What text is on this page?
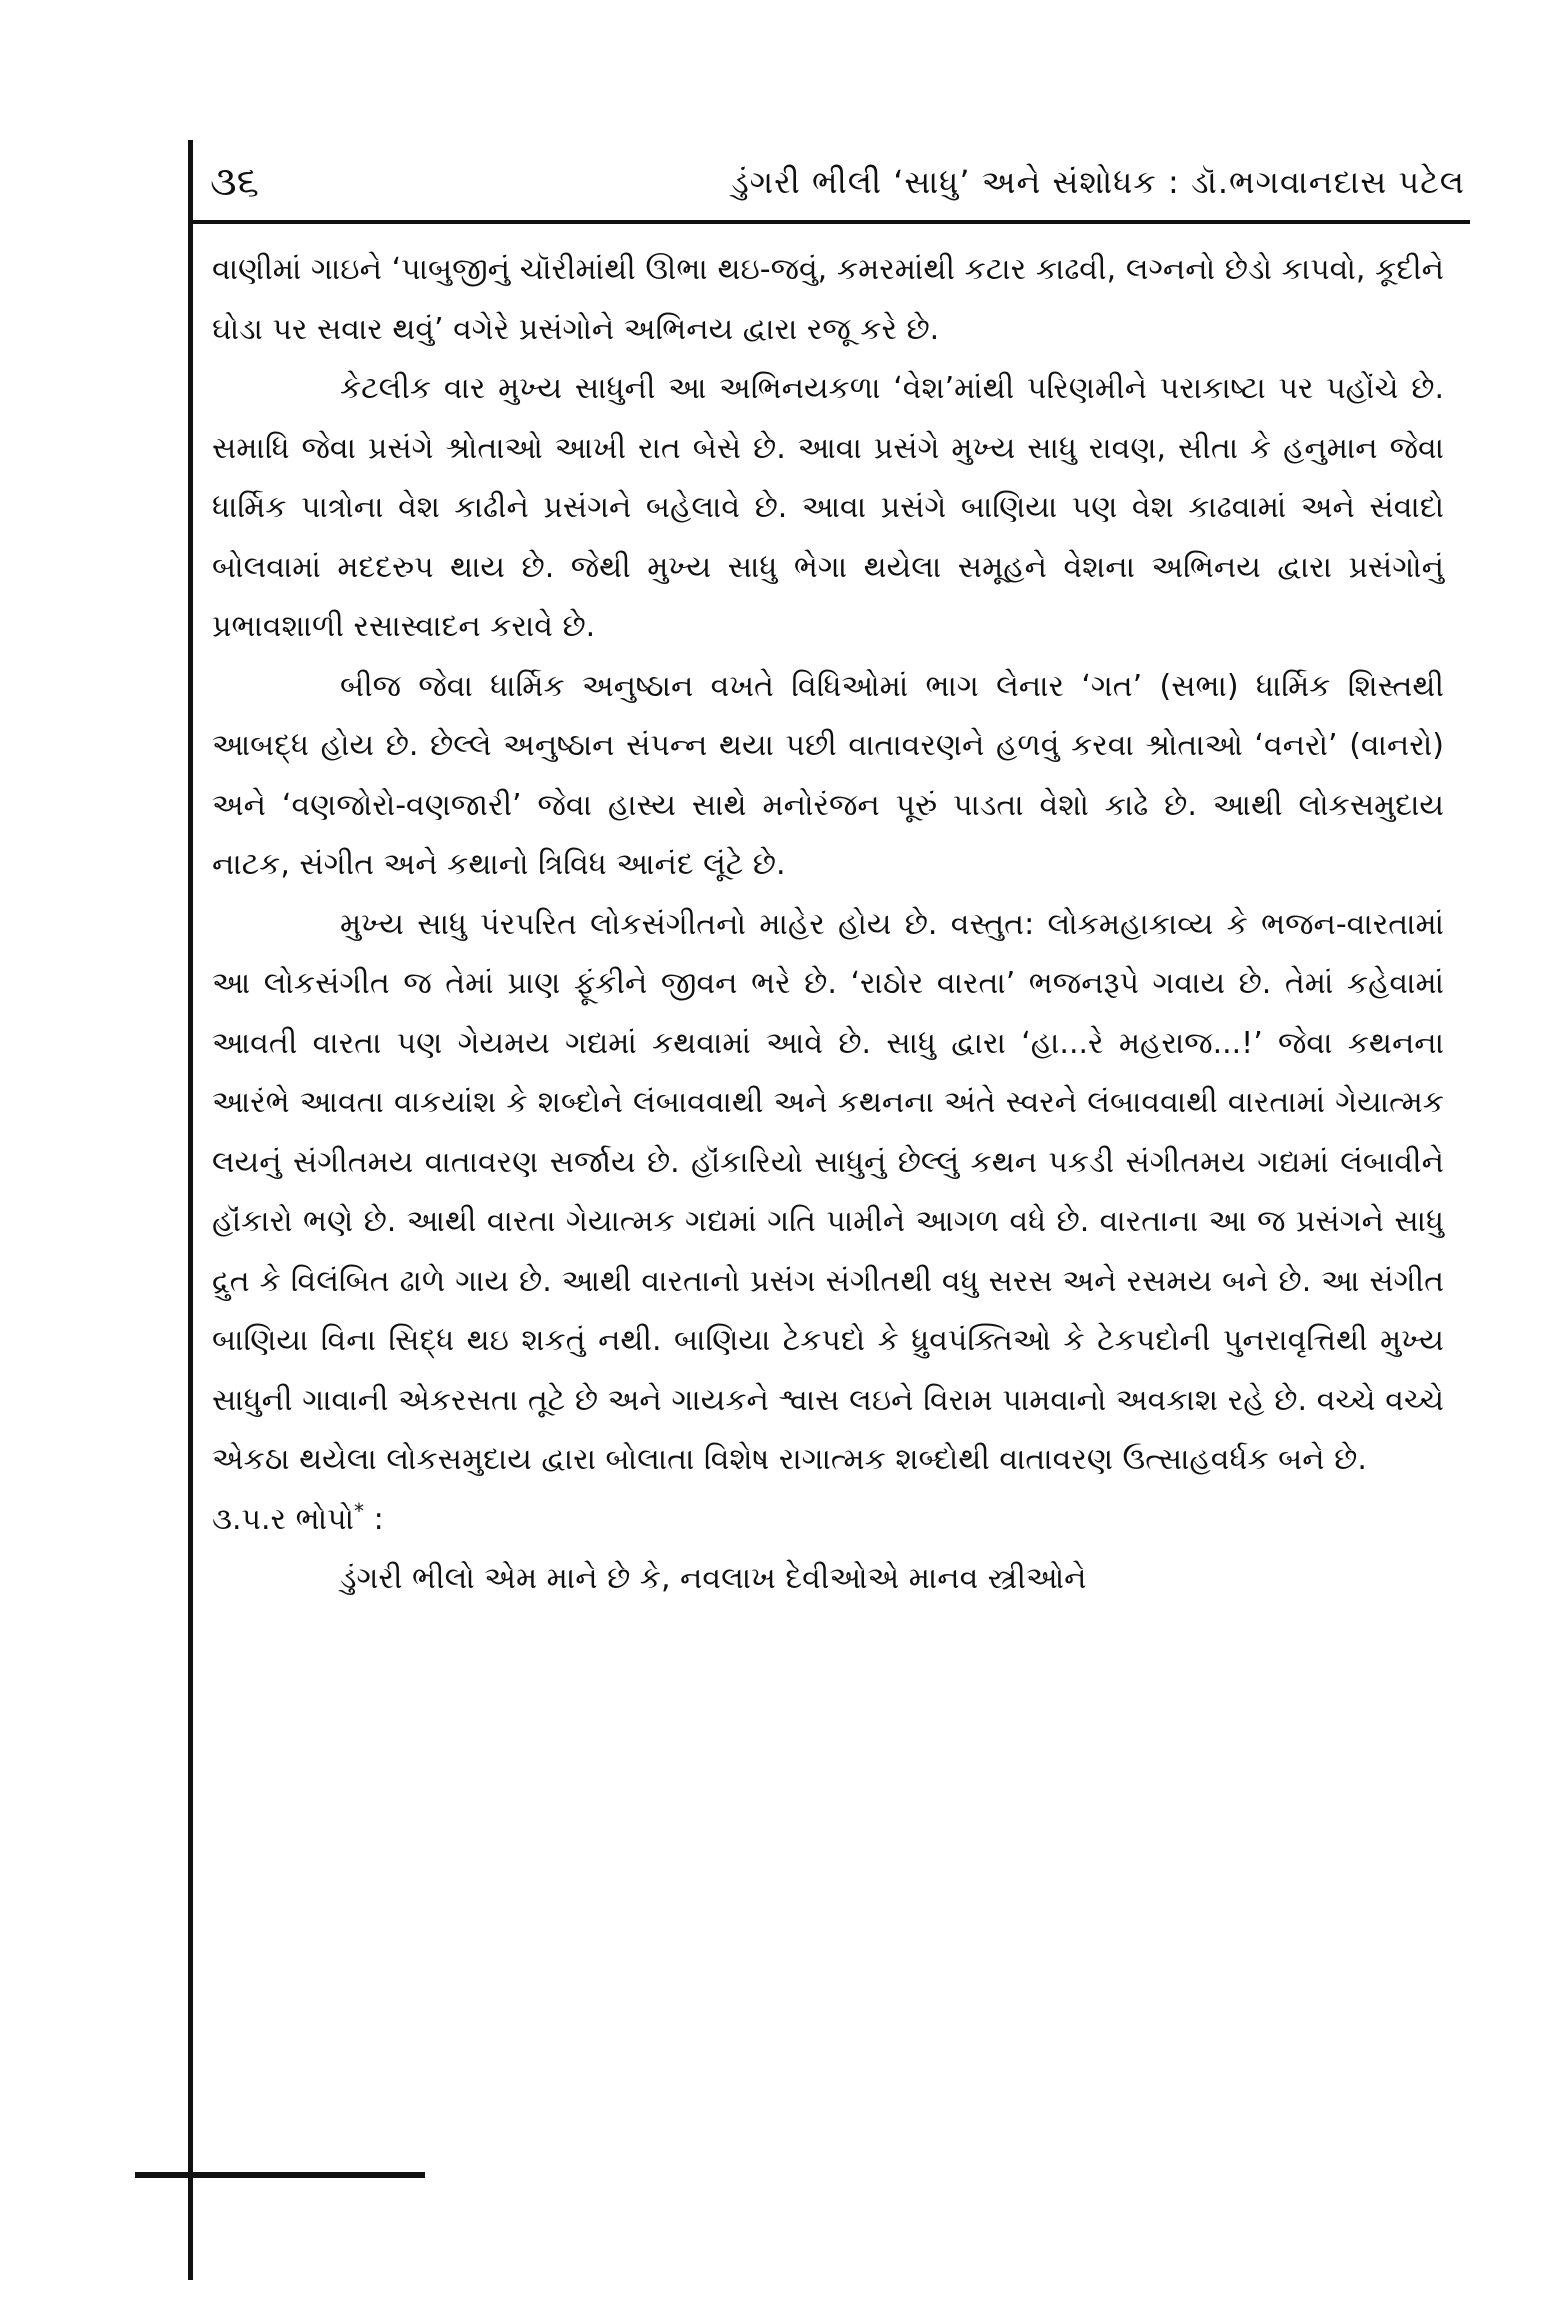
૩૬	ડુંગરી ભીલી ‘સાધુ’ અને સંશોધક : ડૉ.ભગવાનદાસ પટેલ

વાણીમાં ગાઇને ‘પાબુજીનું ચૉરીમાંથી ઊભા થઇ-જવું, કમરમાંથી કટાર કાઢવી, લગ્નનો છેડો કાપવો, કૂદીને ઘોડા પર સવાર થવું’ વગેરે પ્રસંગોને અભિનય દ્વારા રજૂ કરે છે.

કેટલીક વાર મુખ્ય સાધુની આ અભિનયકળા ‘વેશ’માંથી પરિણમીને પરાકાષ્ટા પર પહોંચે છે. સમાધિ જેવા પ્રસંગે શ્રોતાઓ આખી રાત બેસે છે. આવા પ્રસંગે મુખ્ય સાધુ રાવણ, સીતા કે હનુમાન જેવા ધાર્મિક પાત્રોના વેશ કાઢીને પ્રસંગને બહેલાવે છે. આવા પ્રસંગે બાણિયા પણ વેશ કાઢવામાં અને સંવાદો બોલવામાં મદદરુપ થાય છે. જેથી મુખ્ય સાધુ ભેગા થયેલા સમૂહને વેશના અભિનય દ્વારા પ્રસંગોનું પ્રભાવશાળી રસાસ્વાદન કરાવે છે.

બીજ જેવા ધાર્મિક અનુષ્ઠાન વખતે વિધિઓમાં ભાગ લેનાર ‘ગત’ (સભા) ધાર્મિક શિસ્તથી આબદ્ધ હોય છે. છેલ્લે અનુષ્ઠાન સંપન્ન થયા પછી વાતાવરણને હળવું કરવા શ્રોતાઓ ‘વનરો’ (વાનરો) અને ‘વણજોરો-વણજારી’ જેવા હાસ્ય સાથે મનોરંજન પૂરું પાડતા વેશો કાઢે છે. આથી લોકસમુદાય નાટક, સંગીત અને કથાનો ત્રિવિધ આનંદ લૂંટે છે.

મુખ્ય સાધુ પંરપરિત લોકસંગીતનો માહેર હોય છે. વસ્તુત: લોકમહાકાવ્ય કે ભજન-વારતામાં આ લોકસંગીત જ તેમાં પ્રાણ ફૂંકીને જીવન ભરે છે. ‘રાઠોર વારતા’ ભજનરૂપે ગવાય છે. તેમાં કહેવામાં આવતી વારતા પણ ગેયમય ગદ્યમાં કથવામાં આવે છે. સાધુ દ્વારા ‘હા...રે મહરાજ...!’ જેવા કથનના આરંભે આવતા વાકયાંશ કે શબ્દોને લંબાવવાથી અને કથનના અંતે સ્વરને લંબાવવાથી વારતામાં ગેયાત્મક લયનું સંગીતમય વાતાવરણ સર્જાય છે. હૉંકારિયો સાધુનું છેલ્લું કથન પકડી સંગીતમય ગદ્યમાં લંબાવીને હૉંકારો ભણે છે. આથી વારતા ગેયાત્મક ગદ્યમાં ગતિ પામીને આગળ વધે છે. વારતાના આ જ પ્રસંગને સાધુ દ્રુત કે વિલંબિત ઢાળે ગાય છે. આથી વારતાનો પ્રસંગ સંગીતથી વધુ સરસ અને રસમય બને છે. આ સંગીત બાણિયા વિના સિદ્ધ થઇ શકતું નથી. બાણિયા ટેકપદો કે ધ્રુવપંક્તિઓ કે ટેકપદોની પુનરાવૃત્તિથી મુખ્ય સાધુની ગાવાની એકરસતા તૂટે છે અને ગાયકને શ્વાસ લઇને વિરામ પામવાનો અવકાશ રહે છે. વચ્ચે વચ્ચે એકઠા થયેલા લોકસમુદાય દ્વારા બોલાતા વિશેષ રાગાત્મક શબ્દોથી વાતાવરણ ઉત્સાહવર્ધક બને છે.

૩.પ.ર ભોપો* :

ડુંગરી ભીલો એમ માને છે કે, નવલાખ દેવીઓએ માનવ સ્ત્રીઓને
